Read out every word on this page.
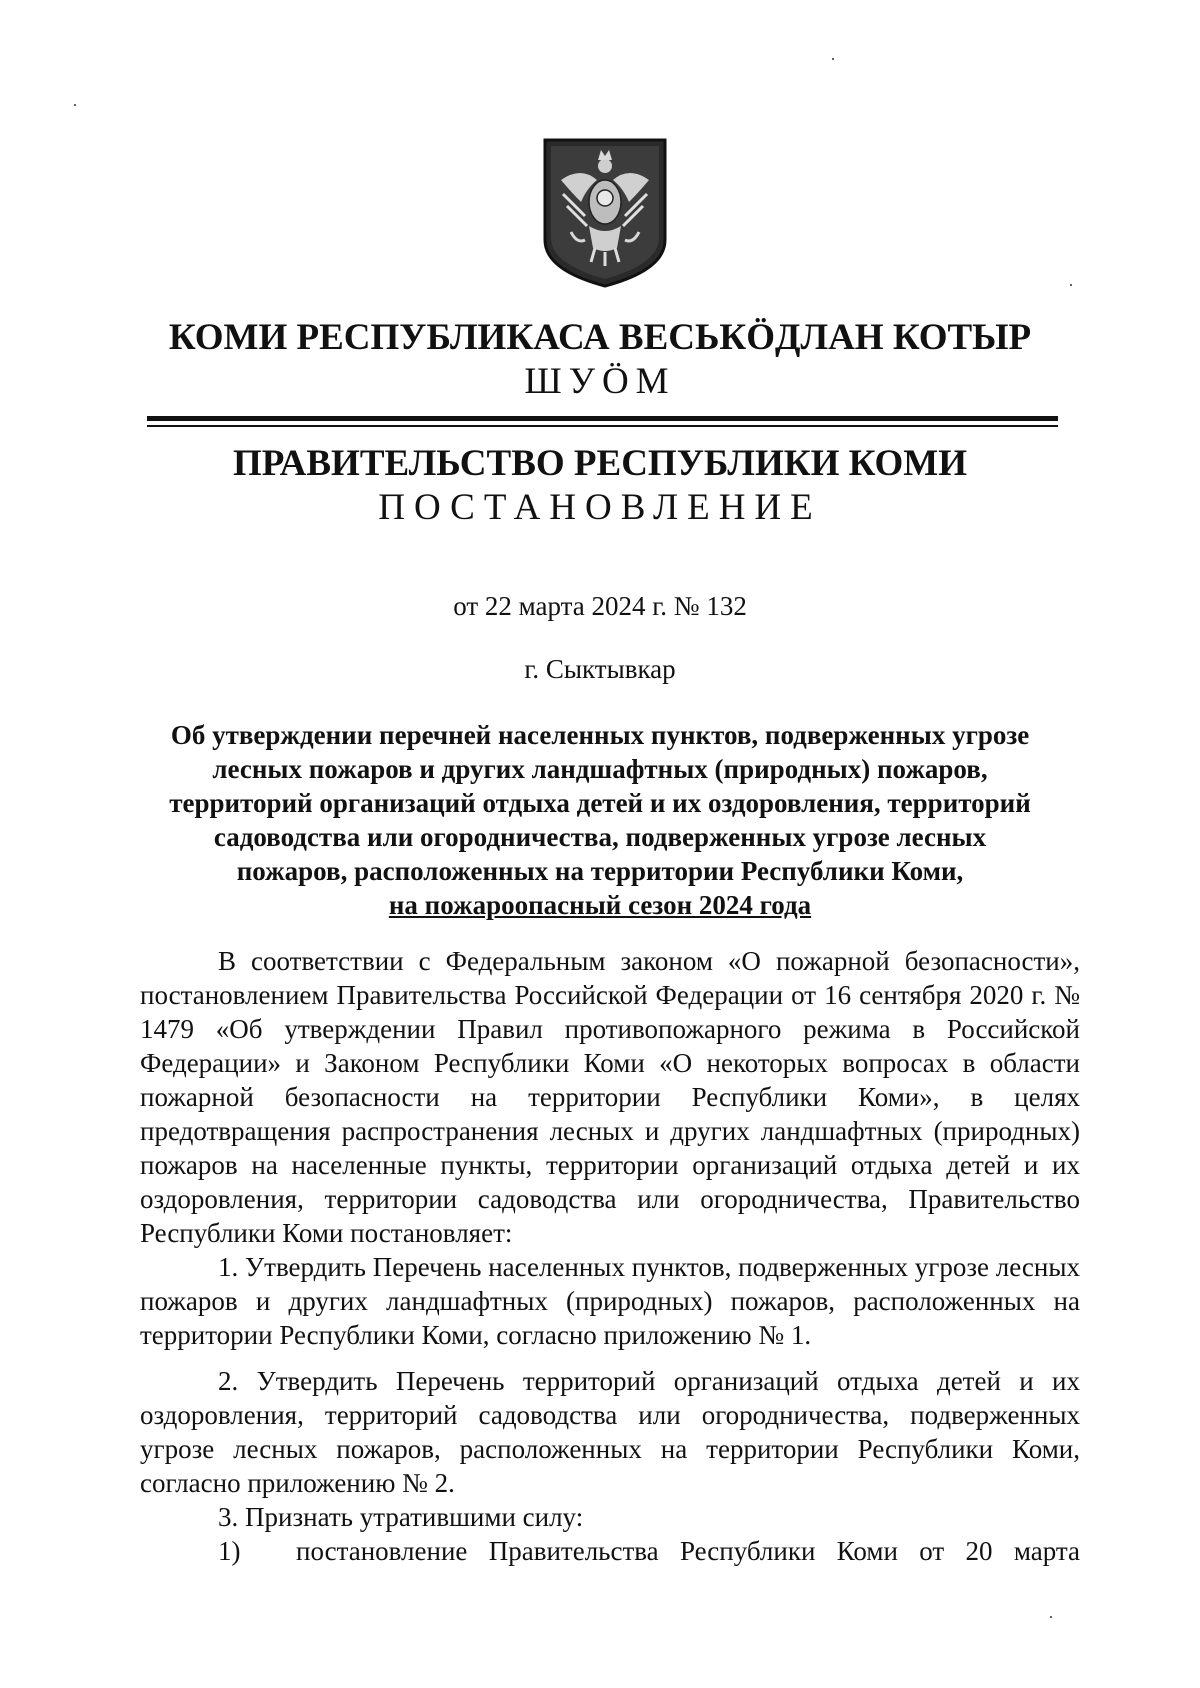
КОМИ РЕСПУБЛИКАСА ВЕСЬКӦДЛАН КОТЫР
ШУӦМ
ПРАВИТЕЛЬСТВО РЕСПУБЛИКИ КОМИ
ПОСТАНОВЛЕНИЕ
от 22 марта 2024 г. № 132
г. Сыктывкар
Об утверждении перечней населенных пунктов, подверженных угрозе
лесных пожаров и других ландшафтных (природных) пожаров,
территорий организаций отдыха детей и их оздоровления, территорий
садоводства или огородничества, подверженных угрозе лесных
пожаров, расположенных на территории Республики Коми,
на пожароопасный сезон 2024 года

В соответствии с Федеральным законом «О пожарной безопасности», постановлением Правительства Российской Федерации от 16 сентября 2020 г. № 1479 «Об утверждении Правил противопожарного режима в Российской Федерации» и Законом Республики Коми «О некоторых вопросах в области пожарной безопасности на территории Республики Коми», в целях предотвращения распространения лесных и других ландшафтных (природных) пожаров на населенные пункты, территории организаций отдыха детей и их оздоровления, территории садоводства или огородничества, Правительство Республики Коми постановляет:

1. Утвердить Перечень населенных пунктов, подверженных угрозе лесных пожаров и других ландшафтных (природных) пожаров, расположенных на территории Республики Коми, согласно приложению № 1.

2. Утвердить Перечень территорий организаций отдыха детей и их оздоровления, территорий садоводства или огородничества, подверженных угрозе лесных пожаров, расположенных на территории Республики Коми, согласно приложению № 2.

3. Признать утратившими силу:

1)	постановление Правительства Республики Коми от 20 марта
